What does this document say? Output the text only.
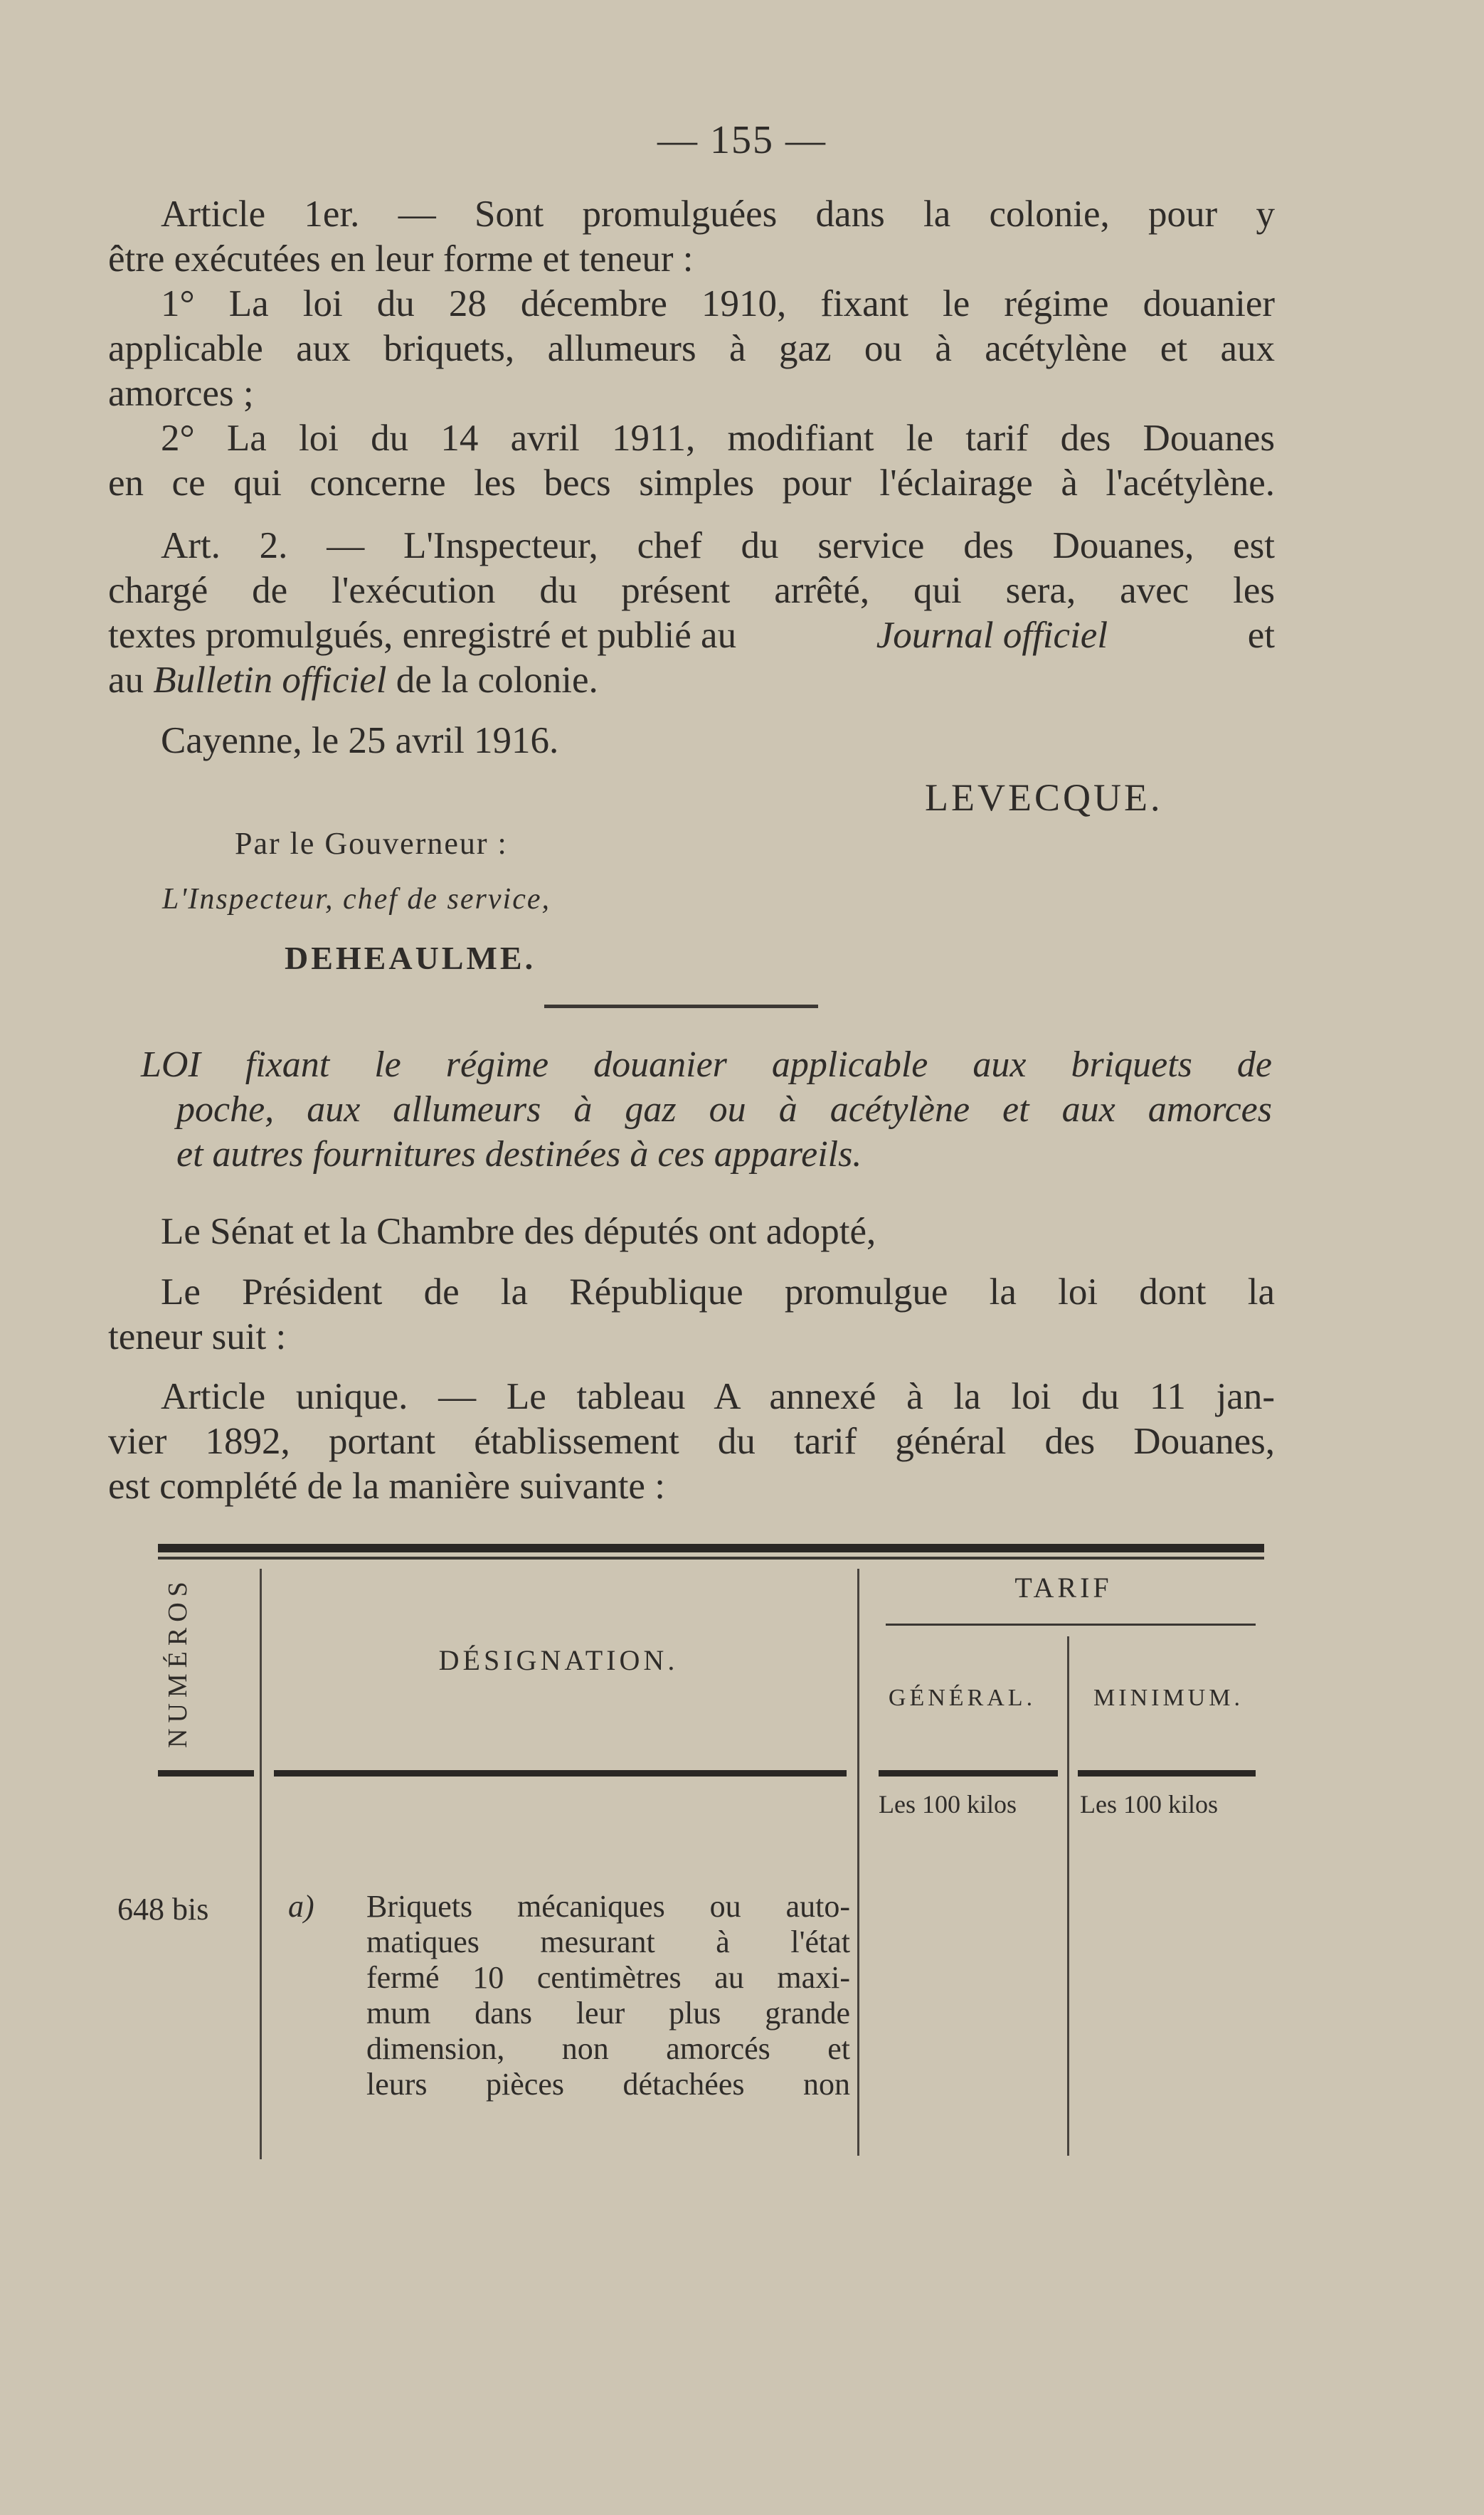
— 155 —
Article 1er. — Sont promulguées dans la colonie, pour y
être exécutées en leur forme et teneur :
1° La loi du 28 décembre 1910, fixant le régime douanier
applicable aux briquets, allumeurs à gaz ou à acétylène et aux
amorces ;
2° La loi du 14 avril 1911, modifiant le tarif des Douanes
en ce qui concerne les becs simples pour l'éclairage à l'acétylène.
Art. 2. — L'Inspecteur, chef du service des Douanes, est
chargé de l'exécution du présent arrêté, qui sera, avec les
textes promulgués, enregistré et publié au	Journal officiel	et
au Bulletin officiel de la colonie.
Cayenne, le 25 avril 1916.
LEVECQUE.
Par le Gouverneur :
L'Inspecteur, chef de service,
DEHEAULME.
LOI fixant le régime douanier applicable aux briquets de
poche, aux allumeurs à gaz ou à acétylène et aux amorces
et autres fournitures destinées à ces appareils.
Le Sénat et la Chambre des députés ont adopté,
Le Président de la République promulgue la loi dont la
teneur suit :
Article unique. — Le tableau A annexé à la loi du 11 jan-
vier 1892, portant établissement du tarif général des Douanes,
est complété de la manière suivante :
NUMÉROS	DÉSIGNATION.
TARIF
GÉNÉRAL.	MINIMUM.
Les 100 kilos Les 100 kilos
648 bis	a) Briquets mécaniques ou auto-
matiques mesurant à l'état
fermé 10 centimètres au maxi-
mum dans leur plus grande
dimension, non amorcés et
leurs pièces détachées non
